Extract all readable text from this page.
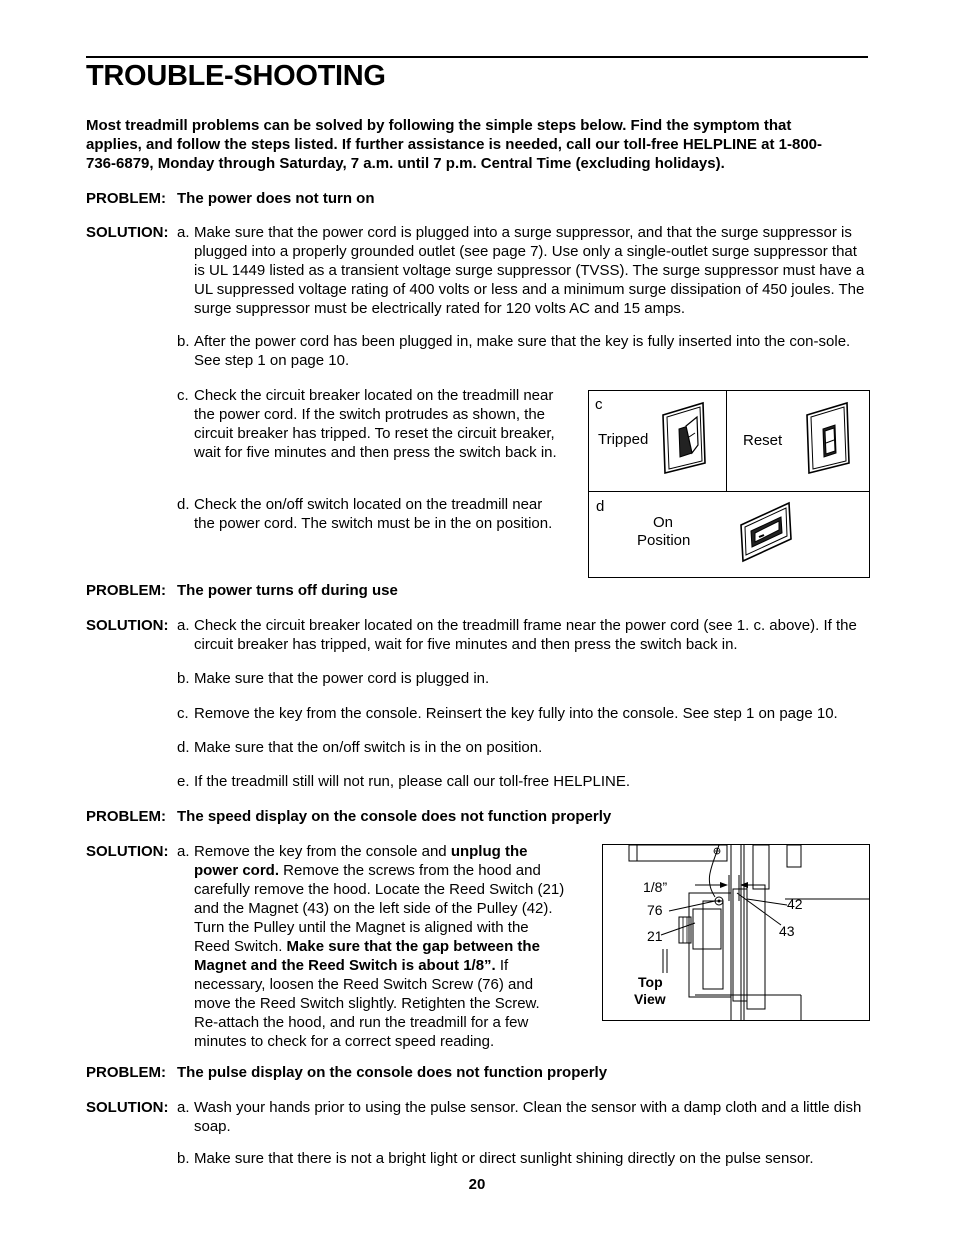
TROUBLE-SHOOTING
Most treadmill problems can be solved by following the simple steps below. Find the symptom that applies, and follow the steps listed. If further assistance is needed, call our toll-free HELPLINE at 1-800-736-6879, Monday through Saturday, 7 a.m. until 7 p.m. Central Time (excluding holidays).
PROBLEM: The power does not turn on
SOLUTION: a. Make sure that the power cord is plugged into a surge suppressor, and that the surge suppressor is plugged into a properly grounded outlet (see page 7). Use only a single-outlet surge suppressor that is UL 1449 listed as a transient voltage surge suppressor (TVSS). The surge suppressor must have a UL suppressed voltage rating of 400 volts or less and a minimum surge dissipation of 450 joules. The surge suppressor must be electrically rated for 120 volts AC and 15 amps.
b. After the power cord has been plugged in, make sure that the key is fully inserted into the con-sole. See step 1 on page 10.
c. Check the circuit breaker located on the treadmill near the power cord. If the switch protrudes as shown, the circuit breaker has tripped. To reset the circuit breaker, wait for five minutes and then press the switch back in.
d. Check the on/off switch located on the treadmill near the power cord. The switch must be in the on position.
c
Tripped	Reset
d
On
Position
PROBLEM: The power turns off during use
SOLUTION: a. Check the circuit breaker located on the treadmill frame near the power cord (see 1. c. above). If the circuit breaker has tripped, wait for five minutes and then press the switch back in.
b. Make sure that the power cord is plugged in.
c. Remove the key from the console. Reinsert the key fully into the console. See step 1 on page 10.
d. Make sure that the on/off switch is in the on position.
e. If the treadmill still will not run, please call our toll-free HELPLINE.
PROBLEM: The speed display on the console does not function properly
SOLUTION: a. Remove the key from the console and unplug the power cord. Remove the screws from the hood and carefully remove the hood. Locate the Reed Switch (21) and the Magnet (43) on the left side of the Pulley (42). Turn the Pulley until the Magnet is aligned with the Reed Switch. Make sure that the gap between the Magnet and the Reed Switch is about 1/8”. If necessary, loosen the Reed Switch Screw (76) and move the Reed Switch slightly. Retighten the Screw. Re-attach the hood, and run the treadmill for a few minutes to check for a correct speed reading.
1/8”
76
21
42
43
Top
View
PROBLEM: The pulse display on the console does not function properly
SOLUTION: a. Wash your hands prior to using the pulse sensor. Clean the sensor with a damp cloth and a little dish soap.
b. Make sure that there is not a bright light or direct sunlight shining directly on the pulse sensor.
20
